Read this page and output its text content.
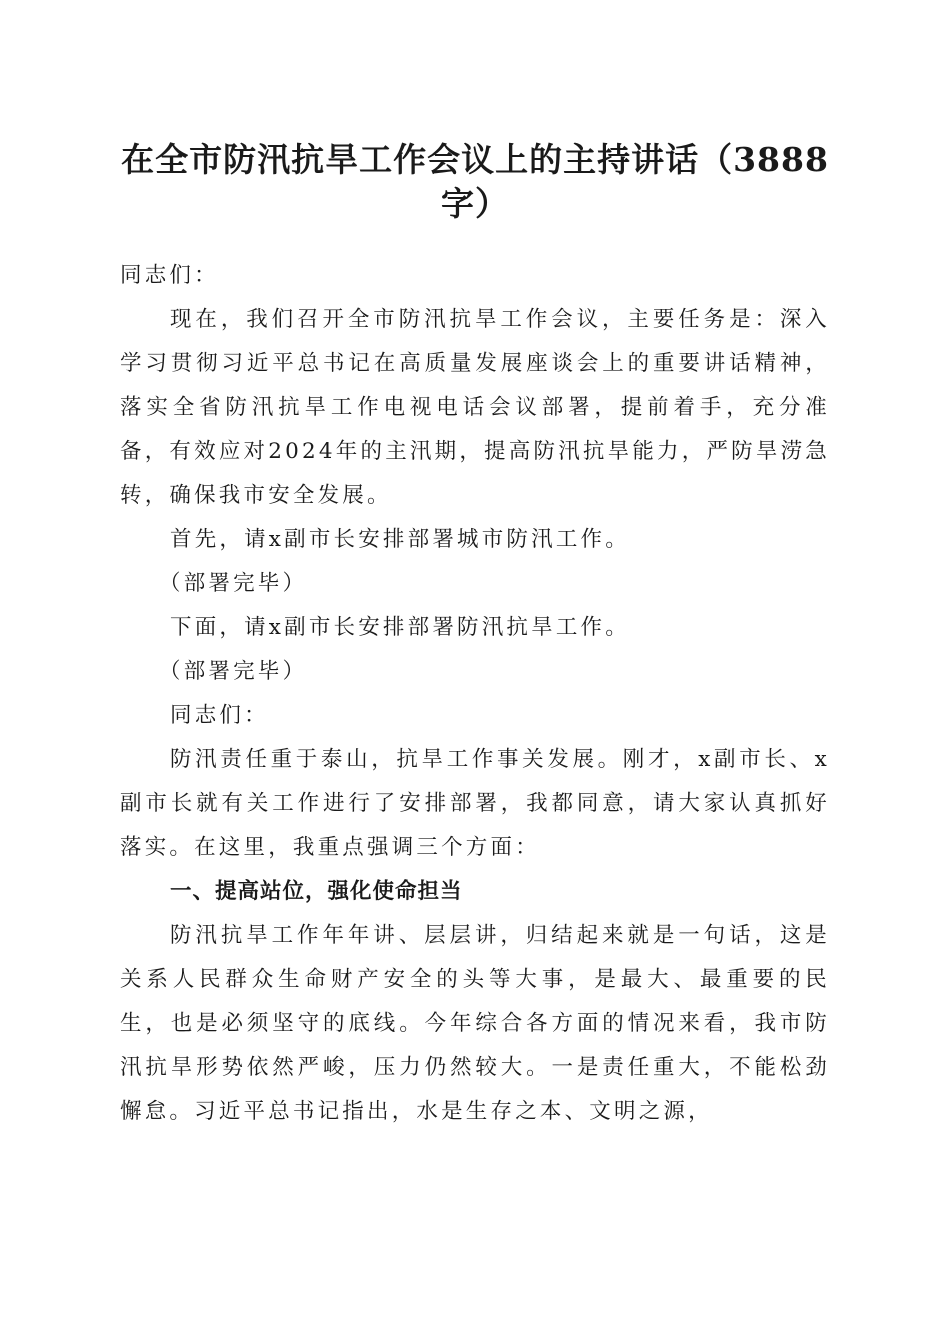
在全市防汛抗旱工作会议上的主持讲话（3888字）

同志们：

现在，我们召开全市防汛抗旱工作会议，主要任务是：深入学习贯彻习近平总书记在高质量发展座谈会上的重要讲话精神，落实全省防汛抗旱工作电视电话会议部署，提前着手，充分准备，有效应对2024年的主汛期，提高防汛抗旱能力，严防旱涝急转，确保我市安全发展。

首先，请x副市长安排部署城市防汛工作。

（部署完毕）

下面，请x副市长安排部署防汛抗旱工作。

（部署完毕）

同志们：

防汛责任重于泰山，抗旱工作事关发展。刚才，x副市长、x副市长就有关工作进行了安排部署，我都同意，请大家认真抓好落实。在这里，我重点强调三个方面：

一、提高站位，强化使命担当

防汛抗旱工作年年讲、层层讲，归结起来就是一句话，这是关系人民群众生命财产安全的头等大事，是最大、最重要的民生，也是必须坚守的底线。今年综合各方面的情况来看，我市防汛抗旱形势依然严峻，压力仍然较大。一是责任重大，不能松劲懈怠。习近平总书记指出，水是生存之本、文明之源，
